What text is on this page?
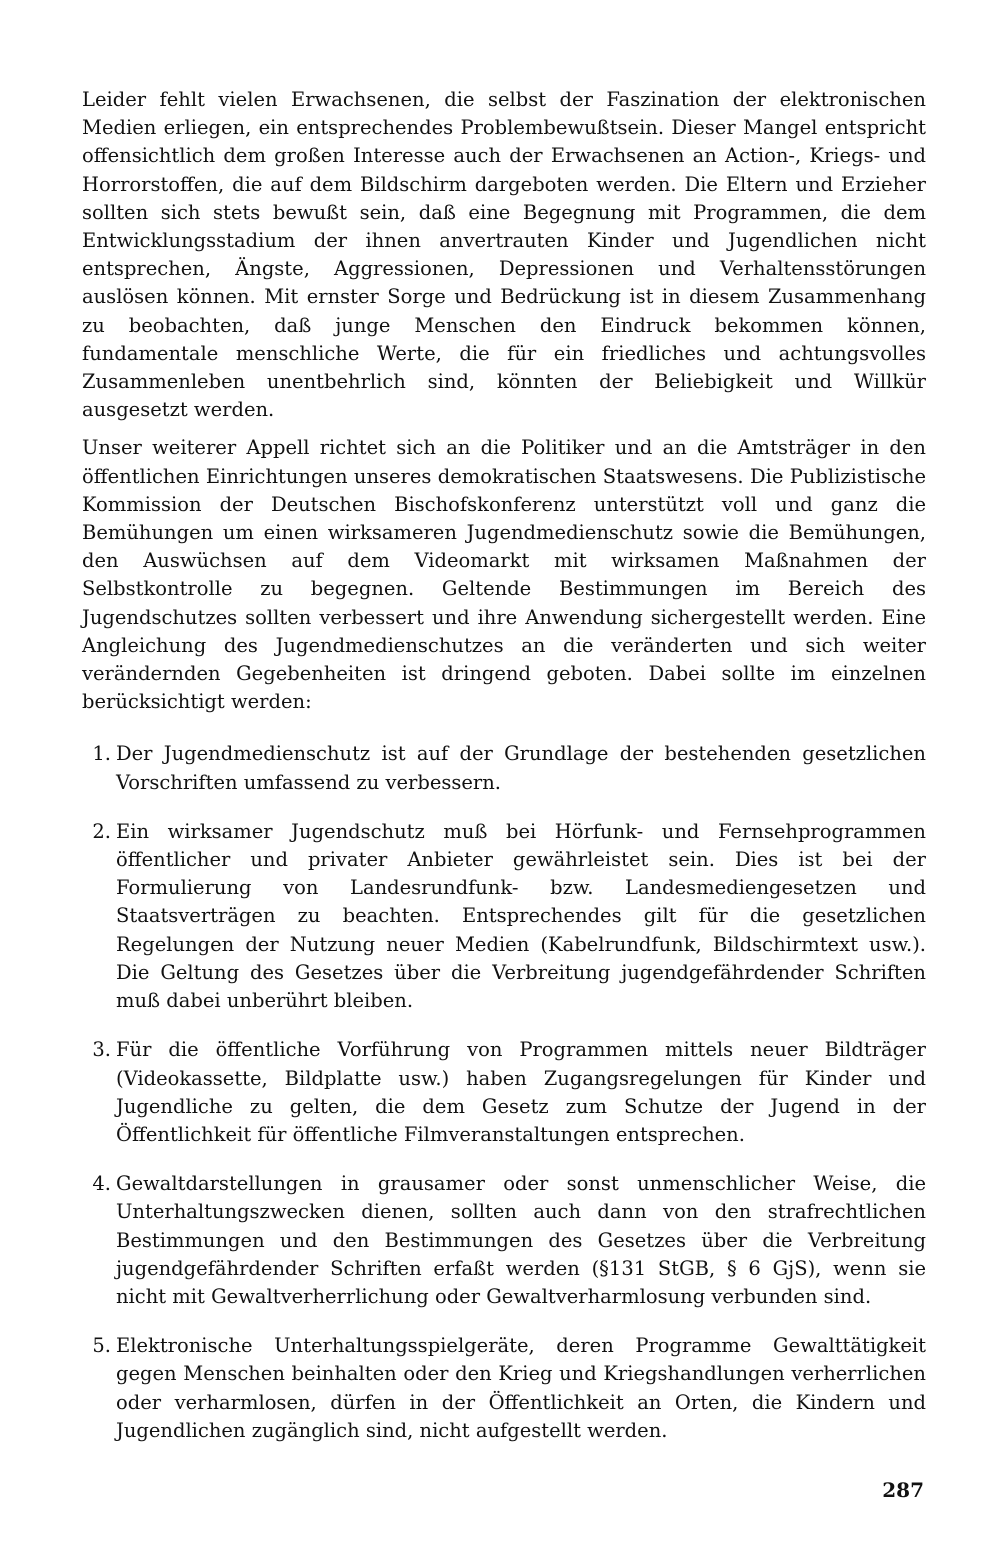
Leider fehlt vielen Erwachsenen, die selbst der Faszination der elektronischen Medien erliegen, ein entsprechendes Problembewußtsein. Dieser Mangel entspricht offensichtlich dem großen Interesse auch der Erwachsenen an Action-, Kriegs- und Horrorstoffen, die auf dem Bildschirm dargeboten werden. Die Eltern und Erzieher sollten sich stets bewußt sein, daß eine Begegnung mit Programmen, die dem Entwicklungsstadium der ihnen anvertrauten Kinder und Jugendlichen nicht entsprechen, Ängste, Aggressionen, Depressionen und Verhaltensstörungen auslösen können. Mit ernster Sorge und Bedrückung ist in diesem Zusammenhang zu beobachten, daß junge Menschen den Eindruck bekommen können, fundamentale menschliche Werte, die für ein friedliches und achtungsvolles Zusammenleben unentbehrlich sind, könnten der Beliebigkeit und Willkür ausgesetzt werden.

Unser weiterer Appell richtet sich an die Politiker und an die Amtsträger in den öffentlichen Einrichtungen unseres demokratischen Staatswesens. Die Publizistische Kommission der Deutschen Bischofskonferenz unterstützt voll und ganz die Bemühungen um einen wirksameren Jugendmedienschutz sowie die Bemühungen, den Auswüchsen auf dem Videomarkt mit wirksamen Maßnahmen der Selbstkontrolle zu begegnen. Geltende Bestimmungen im Bereich des Jugendschutzes sollten verbessert und ihre Anwendung sichergestellt werden. Eine Angleichung des Jugendmedienschutzes an die veränderten und sich weiter verändernden Gegebenheiten ist dringend geboten. Dabei sollte im einzelnen berücksichtigt werden:

1. Der Jugendmedienschutz ist auf der Grundlage der bestehenden gesetzlichen Vorschriften umfassend zu verbessern.
2. Ein wirksamer Jugendschutz muß bei Hörfunk- und Fernsehprogrammen öffentlicher und privater Anbieter gewährleistet sein. Dies ist bei der Formulierung von Landesrundfunk- bzw. Landesmediengesetzen und Staatsverträgen zu beachten. Entsprechendes gilt für die gesetzlichen Regelungen der Nutzung neuer Medien (Kabelrundfunk, Bildschirmtext usw.). Die Geltung des Gesetzes über die Verbreitung jugendgefährdender Schriften muß dabei unberührt bleiben.
3. Für die öffentliche Vorführung von Programmen mittels neuer Bildträger (Videokassette, Bildplatte usw.) haben Zugangsregelungen für Kinder und Jugendliche zu gelten, die dem Gesetz zum Schutze der Jugend in der Öffentlichkeit für öffentliche Filmveranstaltungen entsprechen.
4. Gewaltdarstellungen in grausamer oder sonst unmenschlicher Weise, die Unterhaltungszwecken dienen, sollten auch dann von den strafrechtlichen Bestimmungen und den Bestimmungen des Gesetzes über die Verbreitung jugendgefährdender Schriften erfaßt werden (§131 StGB, § 6 GjS), wenn sie nicht mit Gewaltverherrlichung oder Gewaltverharmlosung verbunden sind.
5. Elektronische Unterhaltungsspielgeräte, deren Programme Gewalttätigkeit gegen Menschen beinhalten oder den Krieg und Kriegshandlungen verherrlichen oder verharmlosen, dürfen in der Öffentlichkeit an Orten, die Kindern und Jugendlichen zugänglich sind, nicht aufgestellt werden.
287
